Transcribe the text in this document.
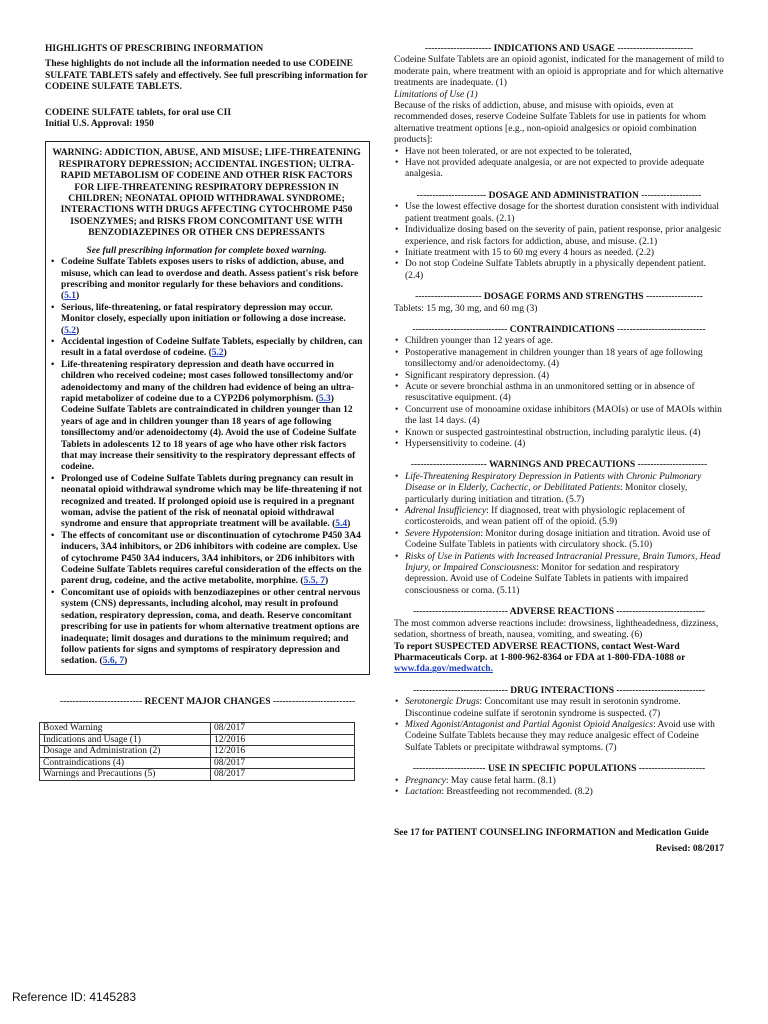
HIGHLIGHTS OF PRESCRIBING INFORMATION

These highlights do not include all the information needed to use CODEINE SULFATE TABLETS safely and effectively. See full prescribing information for CODEINE SULFATE TABLETS.

CODEINE SULFATE tablets, for oral use CII

Initial U.S. Approval: 1950

WARNING: ADDICTION, ABUSE, AND MISUSE; LIFE-THREATENING RESPIRATORY DEPRESSION; ACCIDENTAL INGESTION; ULTRA-RAPID METABOLISM OF CODEINE AND OTHER RISK FACTORS FOR LIFE-THREATENING RESPIRATORY DEPRESSION IN CHILDREN; NEONATAL OPIOID WITHDRAWAL SYNDROME; INTERACTIONS WITH DRUGS AFFECTING CYTOCHROME P450 ISOENZYMES; and RISKS FROM CONCOMITANT USE WITH BENZODIAZEPINES OR OTHER CNS DEPRESSANTS

See full prescribing information for complete boxed warning.

• Codeine Sulfate Tablets exposes users to risks of addiction, abuse, and misuse, which can lead to overdose and death. Assess patient's risk before prescribing and monitor regularly for these behaviors and conditions. (5.1)
• Serious, life-threatening, or fatal respiratory depression may occur. Monitor closely, especially upon initiation or following a dose increase. (5.2)
• Accidental ingestion of Codeine Sulfate Tablets, especially by children, can result in a fatal overdose of codeine. (5.2)
• Life-threatening respiratory depression and death have occurred in children who received codeine; most cases followed tonsillectomy and/or adenoidectomy and many of the children had evidence of being an ultra-rapid metabolizer of codeine due to a CYP2D6 polymorphism. (5.3) Codeine Sulfate Tablets are contraindicated in children younger than 12 years of age and in children younger than 18 years of age following tonsillectomy and/or adenoidectomy (4). Avoid the use of Codeine Sulfate Tablets in adolescents 12 to 18 years of age who have other risk factors that may increase their sensitivity to the respiratory depressant effects of codeine.
• Prolonged use of Codeine Sulfate Tablets during pregnancy can result in neonatal opioid withdrawal syndrome which may be life-threatening if not recognized and treated. If prolonged opioid use is required in a pregnant woman, advise the patient of the risk of neonatal opioid withdrawal syndrome and ensure that appropriate treatment will be available. (5.4)
• The effects of concomitant use or discontinuation of cytochrome P450 3A4 inducers, 3A4 inhibitors, or 2D6 inhibitors with codeine are complex. Use of cytochrome P450 3A4 inducers, 3A4 inhibitors, or 2D6 inhibitors with Codeine Sulfate Tablets requires careful consideration of the effects on the parent drug, codeine, and the active metabolite, morphine. (5.5, 7)
• Concomitant use of opioids with benzodiazepines or other central nervous system (CNS) depressants, including alcohol, may result in profound sedation, respiratory depression, coma, and death. Reserve concomitant prescribing for use in patients for whom alternative treatment options are inadequate; limit dosages and durations to the minimum required; and follow patients for signs and symptoms of respiratory depression and sedation. (5.6, 7)
-------------------------- RECENT MAJOR CHANGES --------------------------
Boxed Warning	08/2017
Indications and Usage (1)	12/2016
Dosage and Administration (2)	12/2016
Contraindications (4)	08/2017
Warnings and Precautions (5)	08/2017
--------------------- INDICATIONS AND USAGE ------------------------

Codeine Sulfate Tablets are an opioid agonist, indicated for the management of mild to moderate pain, where treatment with an opioid is appropriate and for which alternative treatments are inadequate. (1)

Limitations of Use (1)

Because of the risks of addiction, abuse, and misuse with opioids, even at recommended doses, reserve Codeine Sulfate Tablets for use in patients for whom alternative treatment options [e.g., non-opioid analgesics or opioid combination products]:

• Have not been tolerated, or are not expected to be tolerated,
• Have not provided adequate analgesia, or are not expected to provide adequate analgesia.
---------------------- DOSAGE AND ADMINISTRATION -------------------
• Use the lowest effective dosage for the shortest duration consistent with individual patient treatment goals. (2.1)
• Individualize dosing based on the severity of pain, patient response, prior analgesic experience, and risk factors for addiction, abuse, and misuse. (2.1)
• Initiate treatment with 15 to 60 mg every 4 hours as needed. (2.2)
• Do not stop Codeine Sulfate Tablets abruptly in a physically dependent patient. (2.4)
--------------------- DOSAGE FORMS AND STRENGTHS ------------------

Tablets: 15 mg, 30 mg, and 60 mg (3)

------------------------------ CONTRAINDICATIONS ----------------------------
• Children younger than 12 years of age.
• Postoperative management in children younger than 18 years of age following tonsillectomy and/or adenoidectomy. (4)
• Significant respiratory depression. (4)
• Acute or severe bronchial asthma in an unmonitored setting or in absence of resuscitative equipment. (4)
• Concurrent use of monoamine oxidase inhibitors (MAOIs) or use of MAOIs within the last 14 days. (4)
• Known or suspected gastrointestinal obstruction, including paralytic ileus. (4)
• Hypersensitivity to codeine. (4)
------------------------ WARNINGS AND PRECAUTIONS ----------------------
• Life-Threatening Respiratory Depression in Patients with Chronic Pulmonary Disease or in Elderly, Cachectic, or Debilitated Patients: Monitor closely, particularly during initiation and titration. (5.7)
• Adrenal Insufficiency: If diagnosed, treat with physiologic replacement of corticosteroids, and wean patient off of the opioid. (5.9)
• Severe Hypotension: Monitor during dosage initiation and titration. Avoid use of Codeine Sulfate Tablets in patients with circulatory shock. (5.10)
• Risks of Use in Patients with Increased Intracranial Pressure, Brain Tumors, Head Injury, or Impaired Consciousness: Monitor for sedation and respiratory depression. Avoid use of Codeine Sulfate Tablets in patients with impaired consciousness or coma. (5.11)
------------------------------ ADVERSE REACTIONS ----------------------------

The most common adverse reactions include: drowsiness, lightheadedness, dizziness, sedation, shortness of breath, nausea, vomiting, and sweating. (6)

To report SUSPECTED ADVERSE REACTIONS, contact West-Ward Pharmaceuticals Corp. at 1-800-962-8364 or FDA at 1-800-FDA-1088 or www.fda.gov/medwatch.

------------------------------ DRUG INTERACTIONS ----------------------------
• Serotonergic Drugs: Concomitant use may result in serotonin syndrome. Discontinue codeine sulfate if serotonin syndrome is suspected. (7)
• Mixed Agonist/Antagonist and Partial Agonist Opioid Analgesics: Avoid use with Codeine Sulfate Tablets because they may reduce analgesic effect of Codeine Sulfate Tablets or precipitate withdrawal symptoms. (7)
----------------------- USE IN SPECIFIC POPULATIONS ---------------------
• Pregnancy: May cause fetal harm. (8.1)
• Lactation: Breastfeeding not recommended. (8.2)

See 17 for PATIENT COUNSELING INFORMATION and Medication Guide

Revised: 08/2017

Reference ID: 4145283
